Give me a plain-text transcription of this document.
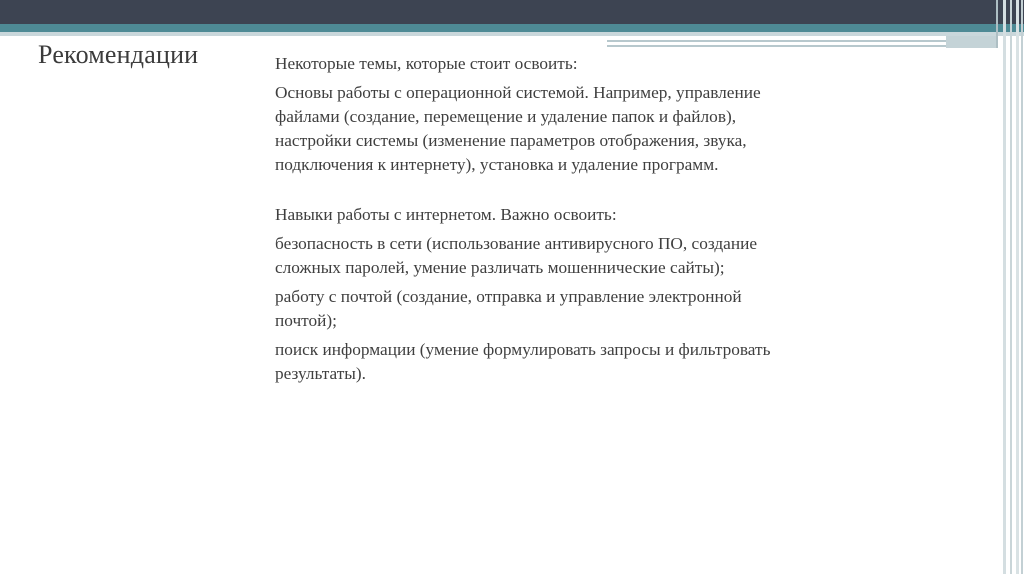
Рекомендации	Некоторые темы, которые стоит освоить:

Основы работы с операционной системой. Например, управление файлами (создание, перемещение и удаление папок и файлов), настройки системы (изменение параметров отображения, звука, подключения к интернету), установка и удаление программ.

Навыки работы с интернетом. Важно освоить:

безопасность в сети (использование антивирусного ПО, создание сложных паролей, умение различать мошеннические сайты);

работу с почтой (создание, отправка и управление электронной почтой);

поиск информации (умение формулировать запросы и фильтровать результаты).
